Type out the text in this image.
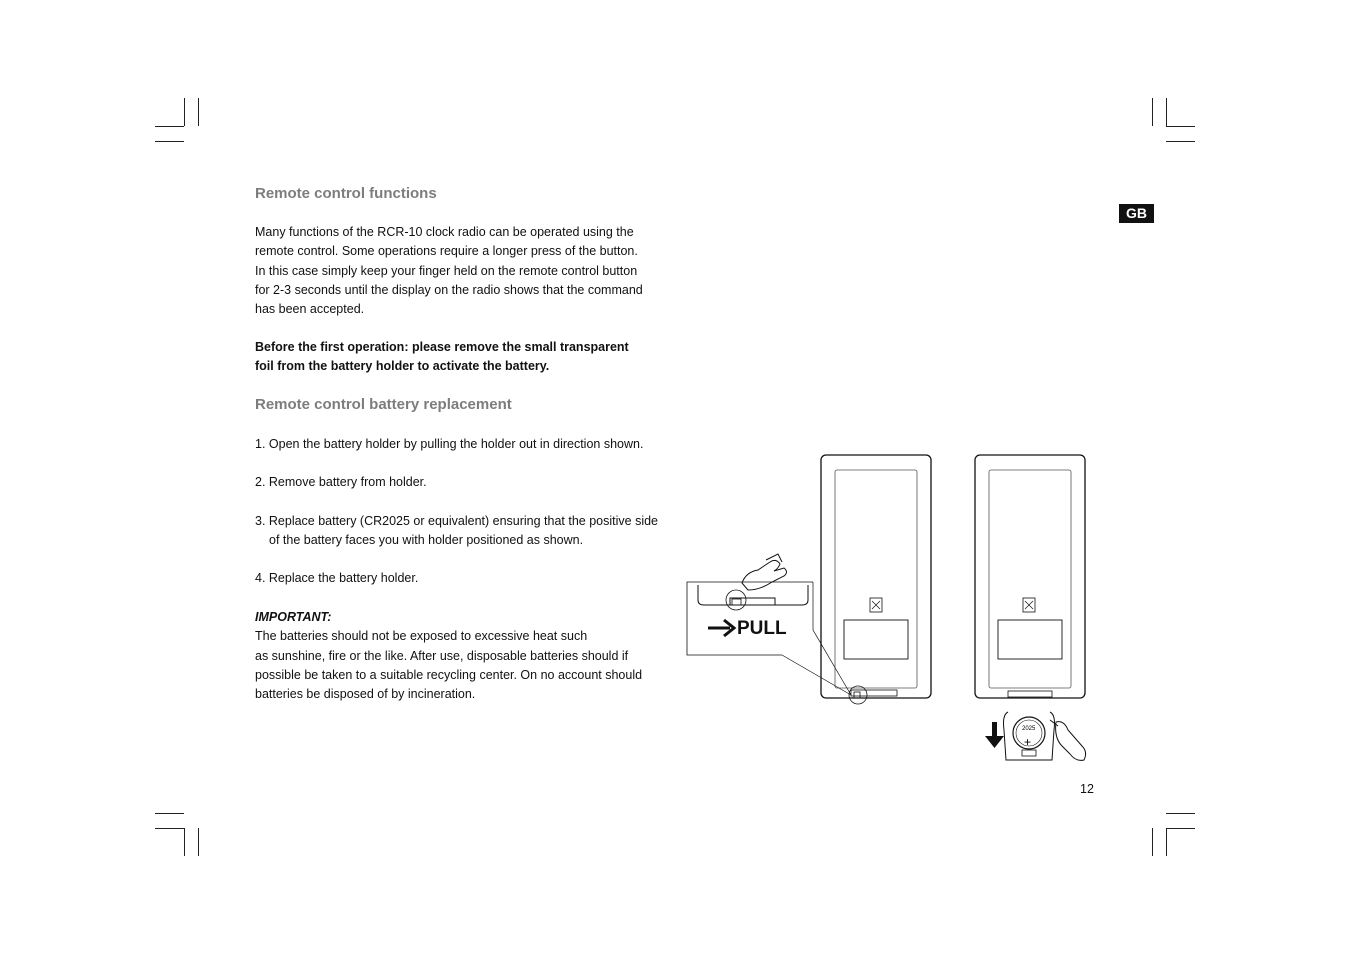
GB
Remote control functions
Many functions of the RCR-10 clock radio can be operated using the
remote control. Some operations require a longer press of the button.
In this case simply keep your finger held on the remote control button
for 2-3 seconds until the display on the radio shows that the command
has been accepted.
Before the first operation: please remove the small transparent
foil from the battery holder to activate the battery.
Remote control battery replacement
1. Open the battery holder by pulling the holder out in direction shown.
2. Remove battery from holder.
3. Replace battery (CR2025 or equivalent) ensuring that the positive side
of the battery faces you with holder positioned as shown.
4. Replace the battery holder.
IMPORTANT:
The batteries should not be exposed to excessive heat such
as sunshine, fire or the like. After use, disposable batteries should if
possible be taken to a suitable recycling center. On no account should
batteries be disposed of by incineration.
2025
+
PULL
12
